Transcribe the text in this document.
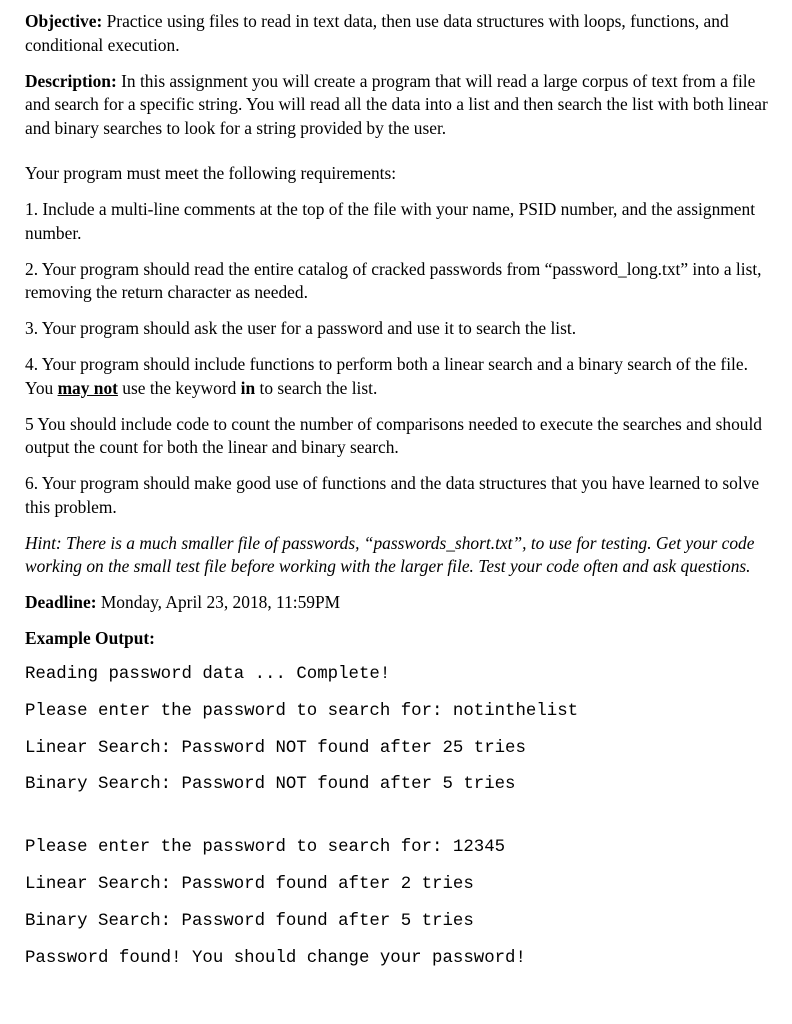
Objective: Practice using files to read in text data, then use data structures with loops, functions, and conditional execution.

Description: In this assignment you will create a program that will read a large corpus of text from a file and search for a specific string. You will read all the data into a list and then search the list with both linear and binary searches to look for a string provided by the user.

Your program must meet the following requirements:

1. Include a multi-line comments at the top of the file with your name, PSID number, and the assignment number.

2. Your program should read the entire catalog of cracked passwords from “password_long.txt” into a list, removing the return character as needed.

3. Your program should ask the user for a password and use it to search the list.

4. Your program should include functions to perform both a linear search and a binary search of the file. You may not use the keyword in to search the list.

5 You should include code to count the number of comparisons needed to execute the searches and should output the count for both the linear and binary search.

6. Your program should make good use of functions and the data structures that you have learned to solve this problem.

Hint: There is a much smaller file of passwords, “passwords_short.txt”, to use for testing. Get your code working on the small test file before working with the larger file. Test your code often and ask questions.

Deadline: Monday, April 23, 2018, 11:59PM

Example Output:

Reading password data ... Complete!

Please enter the password to search for: notinthelist

Linear Search: Password NOT found after 25 tries

Binary Search: Password NOT found after 5 tries

Please enter the password to search for: 12345

Linear Search: Password found after 2 tries

Binary Search: Password found after 5 tries

Password found! You should change your password!
